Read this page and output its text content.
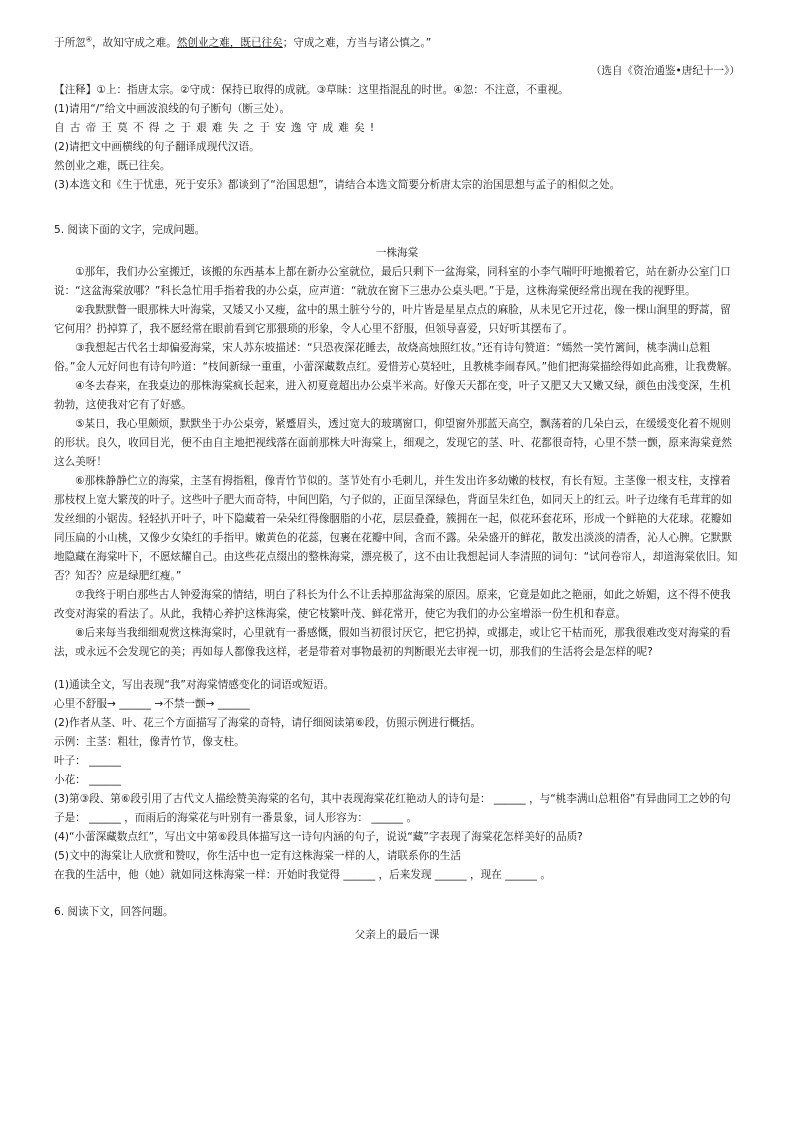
于所忽④，故知守成之难。然创业之难，既已往矣；守成之难，方当与诸公慎之。”

（选自《资治通鉴•唐纪十一》）

【注释】①上：指唐太宗。②守成：保持已取得的成就。③草昧：这里指混乱的时世。④忽：不注意，不重视。

(1)请用“/”给文中画波浪线的句子断句（断三处）。

自古帝王莫不得之于艰难失之于安逸守成难矣!

(2)请把文中画横线的句子翻译成现代汉语。

然创业之难，既已往矣。

(3)本选文和《生于忧患，死于安乐》都谈到了“治国思想”，请结合本选文简要分析唐太宗的治国思想与孟子的相似之处。

5. 阅读下面的文字，完成问题。

一株海棠

①那年，我们办公室搬迁，该搬的东西基本上都在新办公室就位，最后只剩下一盆海棠，同科室的小李气喘吁吁地搬着它，站在新办公室门口说：“这盆海棠放哪？”科长急忙用手指着我的办公桌，应声道：“就放在窗下三患办公桌头吧。”于是，这株海棠便经常出现在我的视野里。

②我默默瞥一眼那株大叶海棠，又矮又小又瘦，盆中的黑土脏兮兮的，叶片皆是星星点点的麻脸，从未见它开过花，像一棵山涧里的野蒿，留它何用？扔掉算了，我不愿经常在眼前看到它那猥琐的形象，令人心里不舒服，但领导喜爱，只好听其摆布了。

③我想起古代名士却偏爱海棠，宋人苏东坡描述：“只恐夜深花睡去，故烧高烛照红妆。”还有诗句赞道：“嫣然一笑竹篱间，桃李满山总粗俗。”金人元好问也有诗句吟道：“枝间新绿一重重，小蕾深藏数点红。爱惜芳心莫轻吐，且教桃李闹春风。”他们把海棠描绘得如此高雅，让我费解。

④冬去春来，在我桌边的那株海棠疯长起来，进入初夏竟超出办公桌半米高。好像天天都在变，叶子又肥又大又嫩又绿，颜色由浅变深，生机勃勃，这使我对它有了好感。

⑤某日，我心里颇烦，默默坐于办公桌旁，紧蹙眉头，透过宽大的玻璃窗口，仰望窗外那蓝天高空，飘荡着的几朵白云，在缓缓变化着不规则的形状。良久，收回目光，便不由自主地把视线落在面前那株大叶海棠上，细观之，发现它的茎、叶、花都很奇特，心里不禁一颤，原来海棠竟然这么美呀！

⑥那株静静伫立的海棠，主茎有拇指粗，像青竹节似的。茎节处有小毛刺儿，并生发出许多幼嫩的枝杈，有长有短。主茎像一根支柱，支撑着那枝杈上宽大繁茂的叶子。这些叶子肥大而奇特，中间凹陷，勺子似的，正面呈深绿色，背面呈朱红色，如同天上的红云。叶子边缘有毛茸茸的如发丝细的小锯齿。轻轻扒开叶子，叶下隐藏着一朵朵红得像胭脂的小花，层层叠叠，簇拥在一起，似花环套花环，形成一个鲜艳的大花球。花瓣如同压扁的小山桃，又像少女染红的手指甲。嫩黄色的花蕊，包裹在花瓣中间，含而不露。朵朵盛开的鲜花，散发出淡淡的清香，沁人心脾。它默默地隐藏在海棠叶下，不愿炫耀自己。由这些花点缀出的整株海棠，漂亮极了，这不由让我想起词人李清照的词句：“试问卷帘人，却道海棠依旧。知否？知否？应是绿肥红瘦。”

⑦我终于明白那些古人钟爱海棠的情结，明白了科长为什么不让丢掉那盆海棠的原因。原来，它竟是如此之艳丽，如此之娇媚，这不得不使我改变对海棠的看法了。从此，我精心养护这株海棠，使它枝繁叶茂、鲜花常开，使它为我们的办公室增添一份生机和春意。

⑧后来每当我细细观赏这株海棠时，心里就有一番感慨，假如当初很讨厌它，把它扔掉，或挪走，或让它干枯而死，那我很难改变对海棠的看法，或永远不会发现它的美；再如每人都像我这样，老是带着对事物最初的判断眼光去审视一切，那我们的生活将会是怎样的呢?

(1)通读全文，写出表现“我”对海棠情感变化的词语或短语。

心里不舒服→ ______ →不禁一颤→ ______

(2)作者从茎、叶、花三个方面描写了海棠的奇特，请仔细阅读第⑥段，仿照示例进行概括。

示例：主茎：粗壮，像青竹节，像支柱。

叶子： ______

小花： ______

(3)第③段、第⑥段引用了古代文人描绘赞美海棠的名句，其中表现海棠花红艳动人的诗句是： ______ ，与“桃李满山总粗俗”有异曲同工之妙的句子是： ______ ，而雨后的海棠花与叶别有一番景象，词人形容为： ______ 。

(4)“小蕾深藏数点红”，写出文中第⑥段具体描写这一诗句内涵的句子，说说“藏”字表现了海棠花怎样美好的品质?

(5)文中的海棠让人欣赏和赞叹，你生活中也一定有这株海棠一样的人，请联系你的生活

在我的生活中，他（她）就如同这株海棠一样：开始时我觉得 ______ ，后来发现 ______ ，现在 ______ 。

6. 阅读下文，回答问题。

父亲上的最后一课
